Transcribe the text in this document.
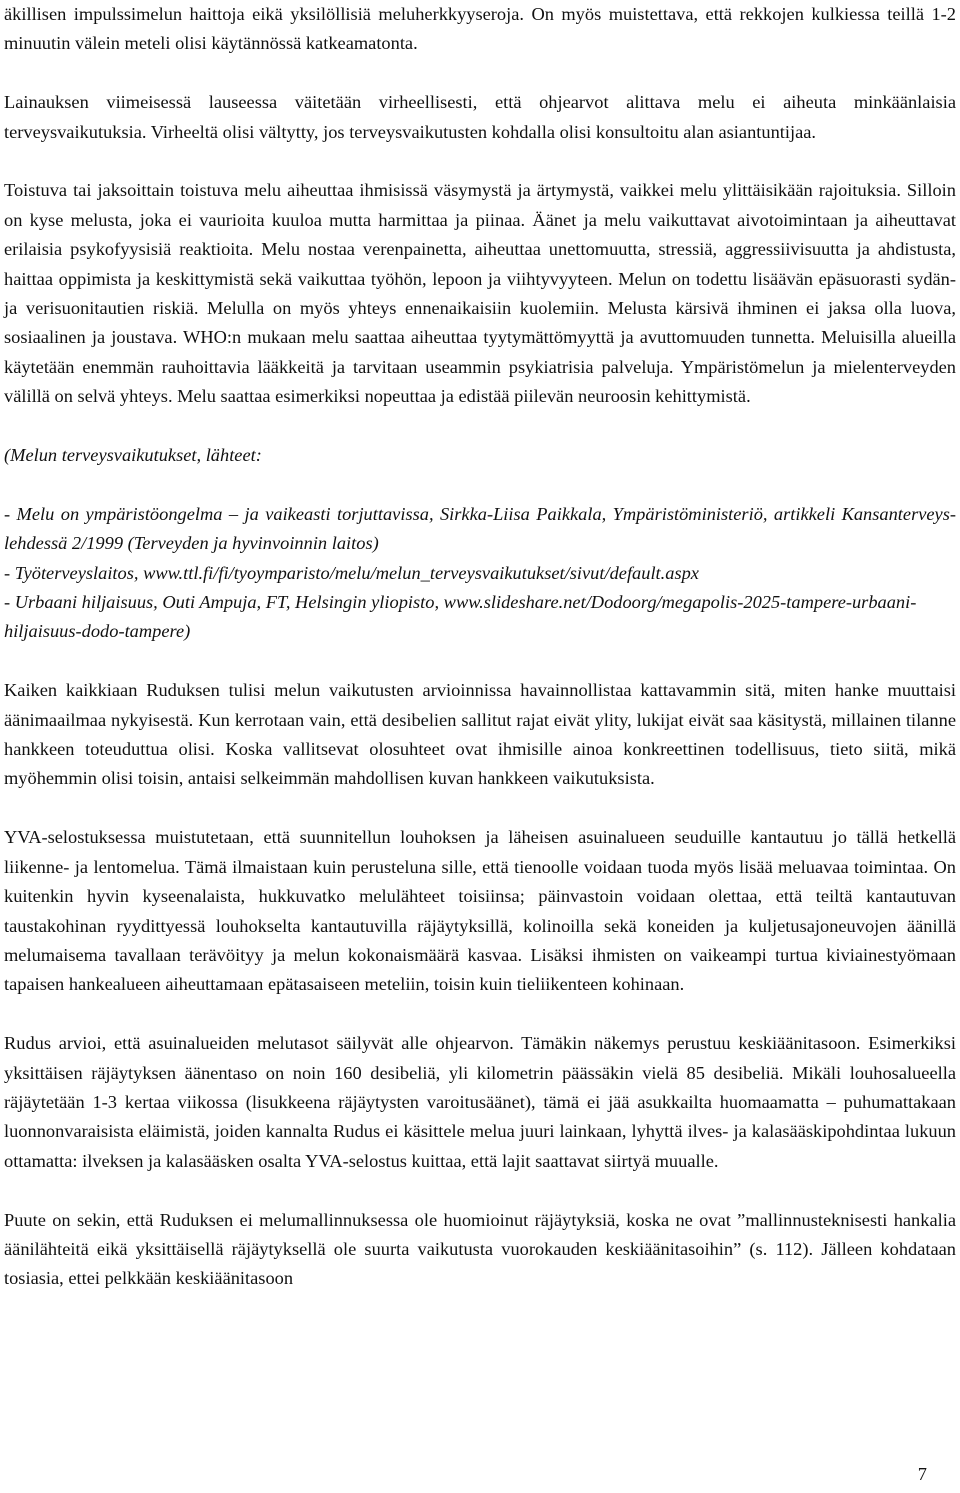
äkillisen impulssimelun haittoja eikä yksilöllisiä meluherkkyyseroja. On myös muistettava, että rekkojen kulkiessa teillä 1-2 minuutin välein meteli olisi käytännössä katkeamatonta.

Lainauksen viimeisessä lauseessa väitetään virheellisesti, että ohjearvot alittava melu ei aiheuta minkäänlaisia terveysvaikutuksia. Virheeltä olisi vältytty, jos terveysvaikutusten kohdalla olisi konsultoitu alan asiantuntijaa.

Toistuva tai jaksoittain toistuva melu aiheuttaa ihmisissä väsymystä ja ärtymystä, vaikkei melu ylittäisikään rajoituksia. Silloin on kyse melusta, joka ei vaurioita kuuloa mutta harmittaa ja piinaa. Äänet ja melu vaikuttavat aivotoimintaan ja aiheuttavat erilaisia psykofyysisiä reaktioita. Melu nostaa verenpainetta, aiheuttaa unettomuutta, stressiä, aggressiivisuutta ja ahdistusta, haittaa oppimista ja keskittymistä sekä vaikuttaa työhön, lepoon ja viihtyvyyteen. Melun on todettu lisäävän epäsuorasti sydän- ja verisuonitautien riskiä. Melulla on myös yhteys ennenaikaisiin kuolemiin. Melusta kärsivä ihminen ei jaksa olla luova, sosiaalinen ja joustava. WHO:n mukaan melu saattaa aiheuttaa tyytymättömyyttä ja avuttomuuden tunnetta. Meluisilla alueilla käytetään enemmän rauhoittavia lääkkeitä ja tarvitaan useammin psykiatrisia palveluja. Ympäristömelun ja mielenterveyden välillä on selvä yhteys. Melu saattaa esimerkiksi nopeuttaa ja edistää piilevän neuroosin kehittymistä.

(Melun terveysvaikutukset, lähteet:

- Melu on ympäristöongelma – ja vaikeasti torjuttavissa, Sirkka-Liisa Paikkala, Ympäristöministeriö, artikkeli Kansanterveys-lehdessä 2/1999 (Terveyden ja hyvinvoinnin laitos)

- Työterveyslaitos, www.ttl.fi/fi/tyoymparisto/melu/melun_terveysvaikutukset/sivut/default.aspx

- Urbaani hiljaisuus, Outi Ampuja, FT, Helsingin yliopisto, www.slideshare.net/Dodoorg/megapolis-2025-tampere-urbaani-hiljaisuus-dodo-tampere)

Kaiken kaikkiaan Ruduksen tulisi melun vaikutusten arvioinnissa havainnollistaa kattavammin sitä, miten hanke muuttaisi äänimaailmaa nykyisestä. Kun kerrotaan vain, että desibelien sallitut rajat eivät ylity, lukijat eivät saa käsitystä, millainen tilanne hankkeen toteuduttua olisi. Koska vallitsevat olosuhteet ovat ihmisille ainoa konkreettinen todellisuus, tieto siitä, mikä myöhemmin olisi toisin, antaisi selkeimmän mahdollisen kuvan hankkeen vaikutuksista.

YVA-selostuksessa muistutetaan, että suunnitellun louhoksen ja läheisen asuinalueen seuduille kantautuu jo tällä hetkellä liikenne- ja lentomelua. Tämä ilmaistaan kuin perusteluna sille, että tienoolle voidaan tuoda myös lisää meluavaa toimintaa. On kuitenkin hyvin kyseenalaista, hukkuvatko melulähteet toisiinsa; päinvastoin voidaan olettaa, että teiltä kantautuvan taustakohinan ryydittyessä louhokselta kantautuvilla räjäytyksillä, kolinoilla sekä koneiden ja kuljetusajoneuvojen äänillä melumaisema tavallaan terävöityy ja melun kokonaismäärä kasvaa. Lisäksi ihmisten on vaikeampi turtua kiviainestyömaan tapaisen hankealueen aiheuttamaan epätasaiseen meteliin, toisin kuin tieliikenteen kohinaan.

Rudus arvioi, että asuinalueiden melutasot säilyvät alle ohjearvon. Tämäkin näkemys perustuu keskiäänitasoon. Esimerkiksi yksittäisen räjäytyksen äänentaso on noin 160 desibeliä, yli kilometrin päässäkin vielä 85 desibeliä. Mikäli louhosalueella räjäytetään 1-3 kertaa viikossa (lisukkeena räjäytysten varoitusäänet), tämä ei jää asukkailta huomaamatta – puhumattakaan luonnonvaraisista eläimistä, joiden kannalta Rudus ei käsittele melua juuri lainkaan, lyhyttä ilves- ja kalasääskipohdintaa lukuun ottamatta: ilveksen ja kalasääsken osalta YVA-selostus kuittaa, että lajit saattavat siirtyä muualle.

Puute on sekin, että Ruduksen ei melumallinnuksessa ole huomioinut räjäytyksiä, koska ne ovat ”mallinnusteknisesti hankalia äänilähteitä eikä yksittäisellä räjäytyksellä ole suurta vaikutusta vuorokauden keskiäänitasoihin” (s. 112). Jälleen kohdataan tosiasia, ettei pelkkään keskiäänitasoon

7
